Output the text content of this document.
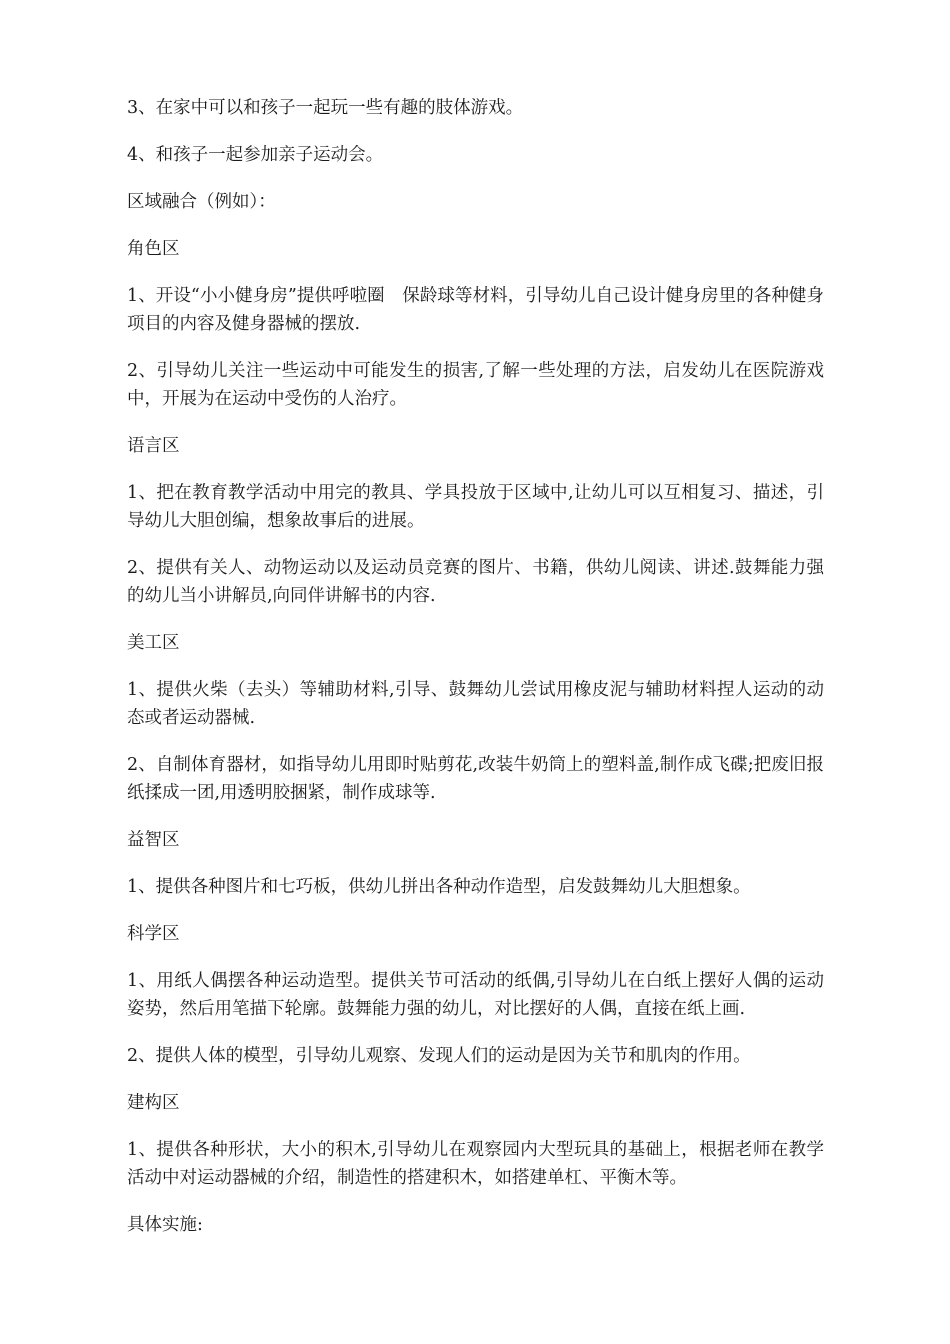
3、在家中可以和孩子一起玩一些有趣的肢体游戏。

4、和孩子一起参加亲子运动会。

区域融合（例如）：

角色区

1、开设“小小健身房”提供呼啦圈　保龄球等材料，引导幼儿自己设计健身房里的各种健身项目的内容及健身器械的摆放.

2、引导幼儿关注一些运动中可能发生的损害,了解一些处理的方法，启发幼儿在医院游戏中，开展为在运动中受伤的人治疗。

语言区

1、把在教育教学活动中用完的教具、学具投放于区域中,让幼儿可以互相复习、描述，引导幼儿大胆创编，想象故事后的进展。

2、提供有关人、动物运动以及运动员竞赛的图片、书籍，供幼儿阅读、讲述.鼓舞能力强的幼儿当小讲解员,向同伴讲解书的内容.

美工区

1、提供火柴（去头）等辅助材料,引导、鼓舞幼儿尝试用橡皮泥与辅助材料捏人运动的动态或者运动器械.

2、自制体育器材，如指导幼儿用即时贴剪花,改装牛奶筒上的塑料盖,制作成飞碟;把废旧报纸揉成一团,用透明胶捆紧，制作成球等.

益智区

1、提供各种图片和七巧板，供幼儿拼出各种动作造型，启发鼓舞幼儿大胆想象。

科学区

1、用纸人偶摆各种运动造型。提供关节可活动的纸偶,引导幼儿在白纸上摆好人偶的运动姿势，然后用笔描下轮廓。鼓舞能力强的幼儿，对比摆好的人偶，直接在纸上画.

2、提供人体的模型，引导幼儿观察、发现人们的运动是因为关节和肌肉的作用。

建构区

1、提供各种形状，大小的积木,引导幼儿在观察园内大型玩具的基础上，根据老师在教学活动中对运动器械的介绍，制造性的搭建积木，如搭建单杠、平衡木等。

具体实施:
